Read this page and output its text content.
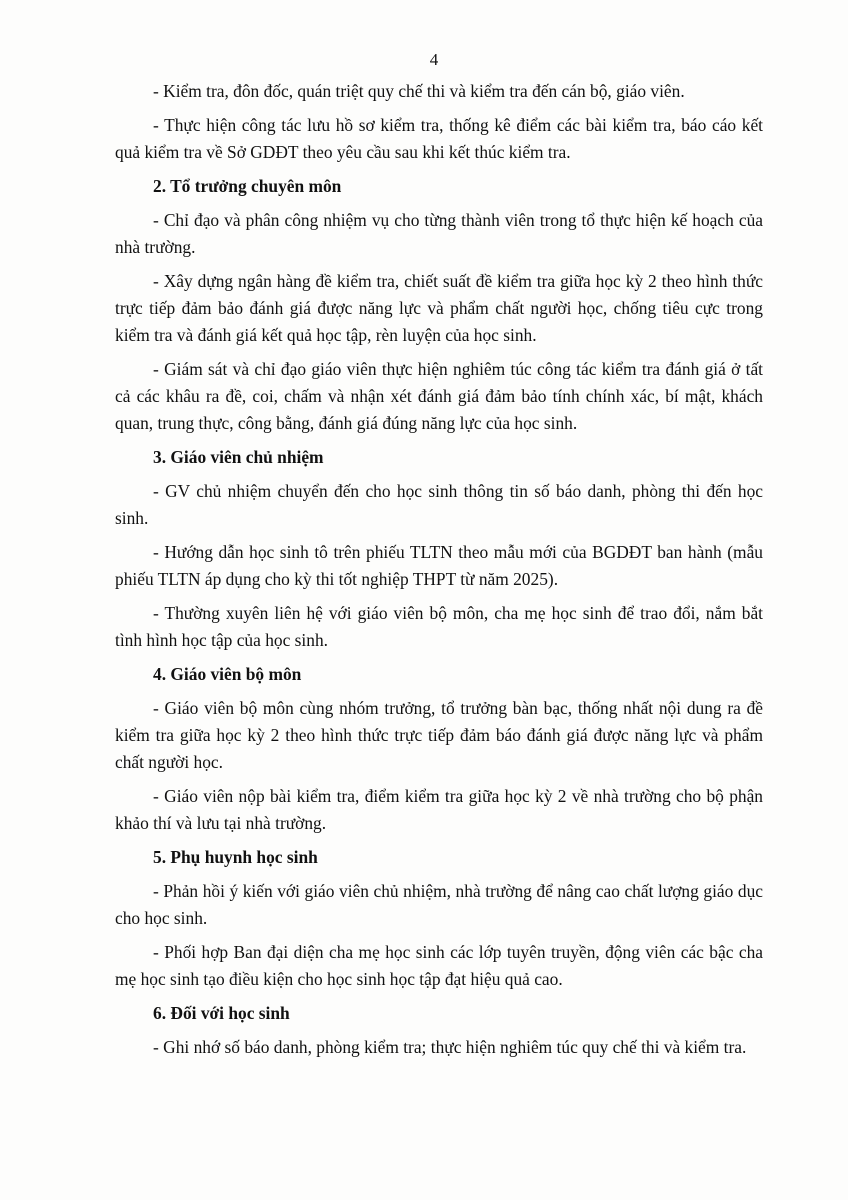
4

- Kiểm tra, đôn đốc, quán triệt quy chế thi và kiểm tra đến cán bộ, giáo viên.

- Thực hiện công tác lưu hồ sơ kiểm tra, thống kê điểm các bài kiểm tra, báo cáo kết quả kiểm tra về Sở GDĐT theo yêu cầu sau khi kết thúc kiểm tra.

2. Tổ trưởng chuyên môn

- Chỉ đạo và phân công nhiệm vụ cho từng thành viên trong tổ thực hiện kế hoạch của nhà trường.

- Xây dựng ngân hàng đề kiểm tra, chiết suất đề kiểm tra giữa học kỳ 2 theo hình thức trực tiếp đảm bảo đánh giá được năng lực và phẩm chất người học, chống tiêu cực trong kiểm tra và đánh giá kết quả học tập, rèn luyện của học sinh.

- Giám sát và chỉ đạo giáo viên thực hiện nghiêm túc công tác kiểm tra đánh giá ở tất cả các khâu ra đề, coi, chấm và nhận xét đánh giá đảm bảo tính chính xác, bí mật, khách quan, trung thực, công bằng, đánh giá đúng năng lực của học sinh.

3. Giáo viên chủ nhiệm

- GV chủ nhiệm chuyển đến cho học sinh thông tin số báo danh, phòng thi đến học sinh.

- Hướng dẫn học sinh tô trên phiếu TLTN theo mẫu mới của BGDĐT ban hành (mẫu phiếu TLTN áp dụng cho kỳ thi tốt nghiệp THPT từ năm 2025).

- Thường xuyên liên hệ với giáo viên bộ môn, cha mẹ học sinh để trao đổi, nắm bắt tình hình học tập của học sinh.

4. Giáo viên bộ môn

- Giáo viên bộ môn cùng nhóm trưởng, tổ trưởng bàn bạc, thống nhất nội dung ra đề kiểm tra giữa học kỳ 2 theo hình thức trực tiếp đảm báo đánh giá được năng lực và phẩm chất người học.

- Giáo viên nộp bài kiểm tra, điểm kiểm tra giữa học kỳ 2 về nhà trường cho bộ phận khảo thí và lưu tại nhà trường.

5. Phụ huynh học sinh

- Phản hồi ý kiến với giáo viên chủ nhiệm, nhà trường để nâng cao chất lượng giáo dục cho học sinh.

- Phối hợp Ban đại diện cha mẹ học sinh các lớp tuyên truyền, động viên các bậc cha mẹ học sinh tạo điều kiện cho học sinh học tập đạt hiệu quả cao.

6. Đối với học sinh

- Ghi nhớ số báo danh, phòng kiểm tra; thực hiện nghiêm túc quy chế thi và kiểm tra.
